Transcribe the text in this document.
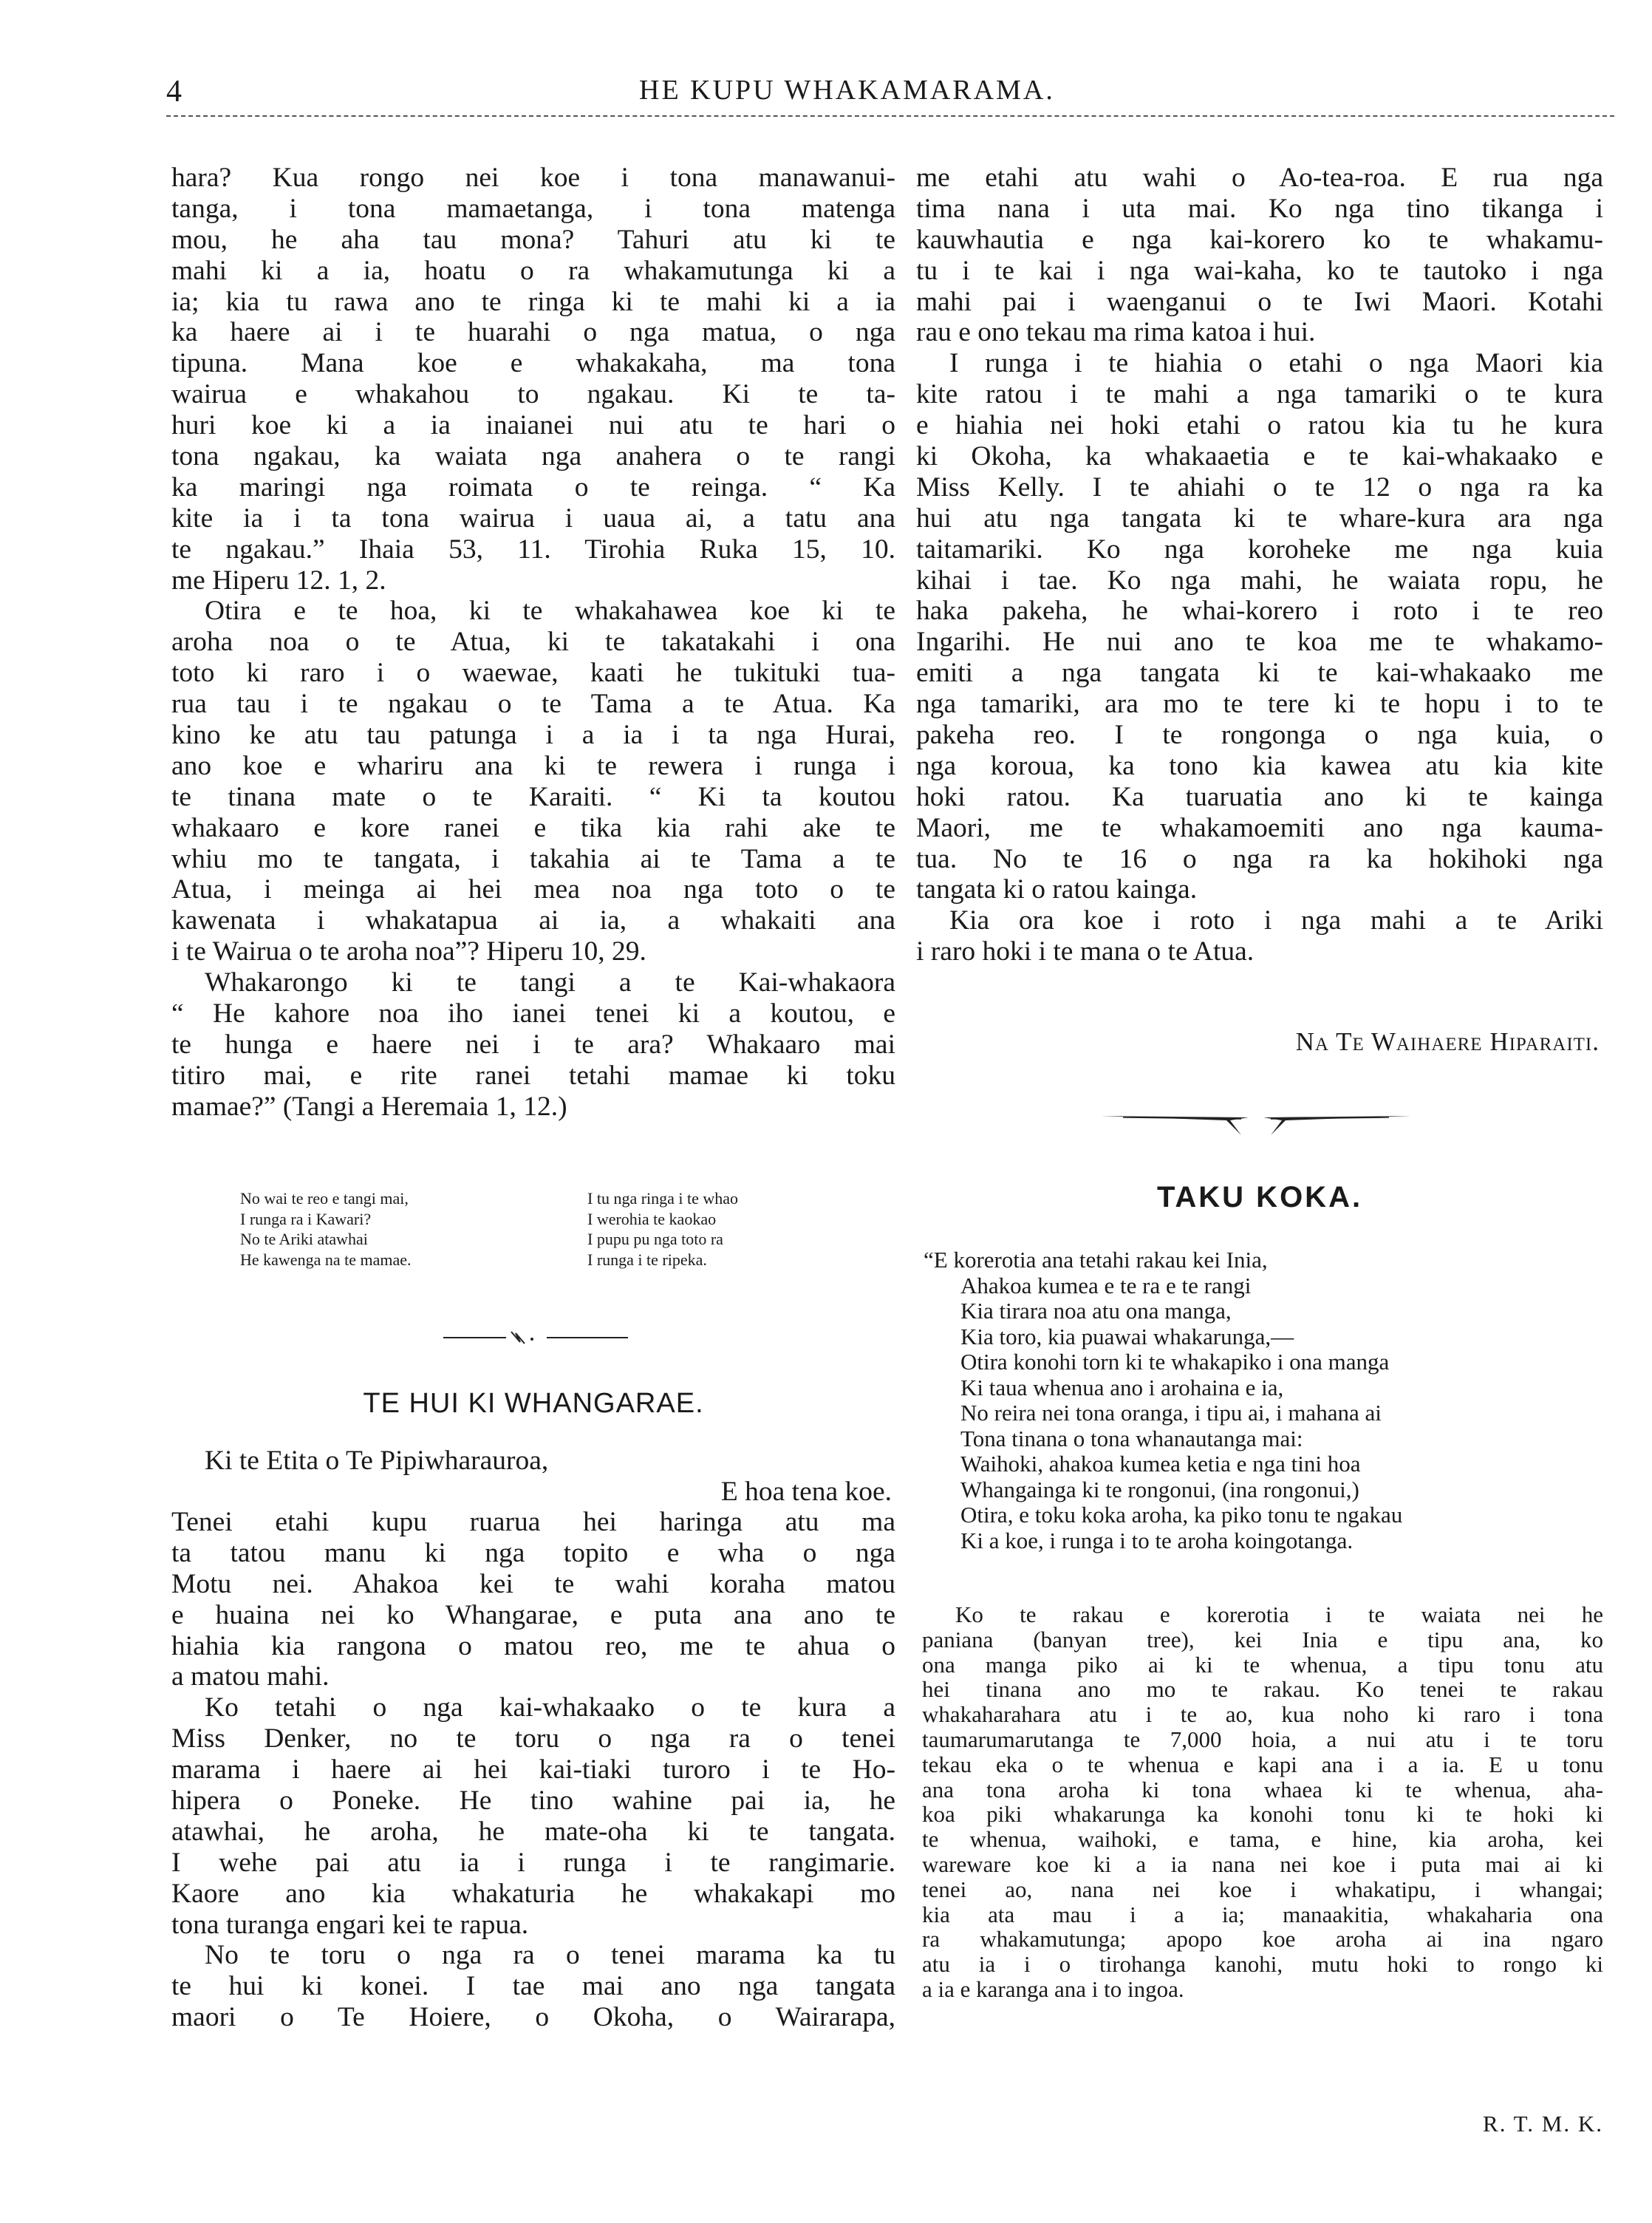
4	HE KUPU WHAKAMARAMA.
hara? Kua rongo nei koe i tona manawanui-
tanga, i tona mamaetanga, i tona matenga
mou, he aha tau mona? Tahuri atu ki te
mahi ki a ia, hoatu o ra whakamutunga ki a
ia; kia tu rawa ano te ringa ki te mahi ki a ia
ka haere ai i te huarahi o nga matua, o nga
tipuna. Mana koe e whakakaha, ma tona
wairua e whakahou to ngakau. Ki te ta-
huri koe ki a ia inaianei nui atu te hari o
tona ngakau, ka waiata nga anahera o te rangi
ka maringi nga roimata o te reinga. “ Ka
kite ia i ta tona wairua i uaua ai, a tatu ana
te ngakau.” Ihaia 53, 11. Tirohia Ruka 15, 10.
me Hiperu 12. 1, 2.
Otira e te hoa, ki te whakahawea koe ki te
aroha noa o te Atua, ki te takatakahi i ona
toto ki raro i o waewae, kaati he tukituki tua-
rua tau i te ngakau o te Tama a te Atua. Ka
kino ke atu tau patunga i a ia i ta nga Hurai,
ano koe e whariru ana ki te rewera i runga i
te tinana mate o te Karaiti. “ Ki ta koutou
whakaaro e kore ranei e tika kia rahi ake te
whiu mo te tangata, i takahia ai te Tama a te
Atua, i meinga ai hei mea noa nga toto o te
kawenata i whakatapua ai ia, a whakaiti ana
i te Wairua o te aroha noa”? Hiperu 10, 29.
Whakarongo ki te tangi a te Kai-whakaora
“ He kahore noa iho ianei tenei ki a koutou, e
te hunga e haere nei i te ara? Whakaaro mai
titiro mai, e rite ranei tetahi mamae ki toku
mamae?” (Tangi a Heremaia 1, 12.)
No wai te reo e tangi mai,
I runga ra i Kawari?
No te Ariki atawhai
He kawenga na te mamae.
I tu nga ringa i te whao
I werohia te kaokao
I pupu pu nga toto ra
I runga i te ripeka.
TE HUI KI WHANGARAE.
Ki te Etita o Te Pipiwharauroa,
E hoa tena koe.
Tenei etahi kupu ruarua hei haringa atu ma
ta tatou manu ki nga topito e wha o nga
Motu nei. Ahakoa kei te wahi koraha matou
e huaina nei ko Whangarae, e puta ana ano te
hiahia kia rangona o matou reo, me te ahua o
a matou mahi.
Ko tetahi o nga kai-whakaako o te kura a
Miss Denker, no te toru o nga ra o tenei
marama i haere ai hei kai-tiaki turoro i te Ho-
hipera o Poneke. He tino wahine pai ia, he
atawhai, he aroha, he mate-oha ki te tangata.
I wehe pai atu ia i runga i te rangimarie.
Kaore ano kia whakaturia he whakakapi mo
tona turanga engari kei te rapua.
No te toru o nga ra o tenei marama ka tu
te hui ki konei. I tae mai ano nga tangata
maori o Te Hoiere, o Okoha, o Wairarapa,
me etahi atu wahi o Ao-tea-roa. E rua nga
tima nana i uta mai. Ko nga tino tikanga i
kauwhautia e nga kai-korero ko te whakamu-
tu i te kai i nga wai-kaha, ko te tautoko i nga
mahi pai i waenganui o te Iwi Maori. Kotahi
rau e ono tekau ma rima katoa i hui.
I runga i te hiahia o etahi o nga Maori kia
kite ratou i te mahi a nga tamariki o te kura
e hiahia nei hoki etahi o ratou kia tu he kura
ki Okoha, ka whakaaetia e te kai-whakaako e
Miss Kelly. I te ahiahi o te 12 o nga ra ka
hui atu nga tangata ki te whare-kura ara nga
taitamariki. Ko nga koroheke me nga kuia
kihai i tae. Ko nga mahi, he waiata ropu, he
haka pakeha, he whai-korero i roto i te reo
Ingarihi. He nui ano te koa me te whakamo-
emiti a nga tangata ki te kai-whakaako me
nga tamariki, ara mo te tere ki te hopu i to te
pakeha reo. I te rongonga o nga kuia, o
nga koroua, ka tono kia kawea atu kia kite
hoki ratou. Ka tuaruatia ano ki te kainga
Maori, me te whakamoemiti ano nga kauma-
tua. No te 16 o nga ra ka hokihoki nga
tangata ki o ratou kainga.
Kia ora koe i roto i nga mahi a te Ariki
i raro hoki i te mana o te Atua.
Na Te Waihaere Hiparaiti.
TAKU KOKA.
“E korerotia ana tetahi rakau kei Inia,
Ahakoa kumea e te ra e te rangi
Kia tirara noa atu ona manga,
Kia toro, kia puawai whakarunga,—
Otira konohi torn ki te whakapiko i ona manga
Ki taua whenua ano i arohaina e ia,
No reira nei tona oranga, i tipu ai, i mahana ai
Tona tinana o tona whanautanga mai:
Waihoki, ahakoa kumea ketia e nga tini hoa
Whangainga ki te rongonui, (ina rongonui,)
Otira, e toku koka aroha, ka piko tonu te ngakau
Ki a koe, i runga i to te aroha koingotanga.
Ko te rakau e korerotia i te waiata nei he
paniana (banyan tree), kei Inia e tipu ana, ko
ona manga piko ai ki te whenua, a tipu tonu atu
hei tinana ano mo te rakau. Ko tenei te rakau
whakaharahara atu i te ao, kua noho ki raro i tona
taumarumarutanga te 7,000 hoia, a nui atu i te toru
tekau eka o te whenua e kapi ana i a ia. E u tonu
ana tona aroha ki tona whaea ki te whenua, aha-
koa piki whakarunga ka konohi tonu ki te hoki ki
te whenua, waihoki, e tama, e hine, kia aroha, kei
wareware koe ki a ia nana nei koe i puta mai ai ki
tenei ao, nana nei koe i whakatipu, i whangai;
kia ata mau i a ia; manaakitia, whakaharia ona
ra whakamutunga; apopo koe aroha ai ina ngaro
atu ia i o tirohanga kanohi, mutu hoki to rongo ki
a ia e karanga ana i to ingoa.
R. T. M. K.
